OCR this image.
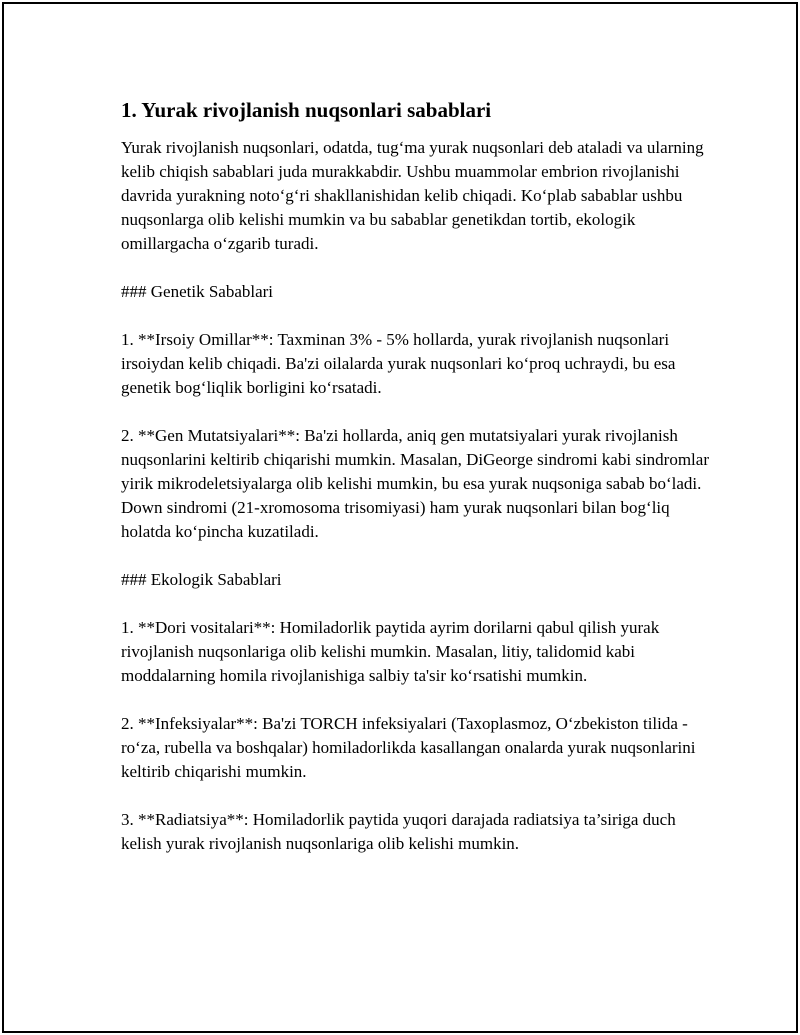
1. Yurak rivojlanish nuqsonlari sabablari

Yurak rivojlanish nuqsonlari, odatda, tug‘ma yurak nuqsonlari deb ataladi va ularning kelib chiqish sabablari juda murakkabdir. Ushbu muammolar embrion rivojlanishi davrida yurakning noto‘g‘ri shakllanishidan kelib chiqadi. Ko‘plab sabablar ushbu nuqsonlarga olib kelishi mumkin va bu sabablar genetikdan tortib, ekologik omillargacha o‘zgarib turadi.

### Genetik Sabablari

1. **Irsoiy Omillar**: Taxminan 3% - 5% hollarda, yurak rivojlanish nuqsonlari irsoiydan kelib chiqadi. Ba'zi oilalarda yurak nuqsonlari ko‘proq uchraydi, bu esa genetik bog‘liqlik borligini ko‘rsatadi.

2. **Gen Mutatsiyalari**: Ba'zi hollarda, aniq gen mutatsiyalari yurak rivojlanish nuqsonlarini keltirib chiqarishi mumkin. Masalan, DiGeorge sindromi kabi sindromlar yirik mikrodeletsiyalarga olib kelishi mumkin, bu esa yurak nuqsoniga sabab bo‘ladi. Down sindromi (21-xromosoma trisomiyasi) ham yurak nuqsonlari bilan bog‘liq holatda ko‘pincha kuzatiladi.

### Ekologik Sabablari

1. **Dori vositalari**: Homiladorlik paytida ayrim dorilarni qabul qilish yurak rivojlanish nuqsonlariga olib kelishi mumkin. Masalan, litiy, talidomid kabi moddalarning homila rivojlanishiga salbiy ta'sir ko‘rsatishi mumkin.

2. **Infeksiyalar**: Ba'zi TORCH infeksiyalari (Taxoplasmoz, O‘zbekiston tilida - ro‘za, rubella va boshqalar) homiladorlikda kasallangan onalarda yurak nuqsonlarini keltirib chiqarishi mumkin.

3. **Radiatsiya**: Homiladorlik paytida yuqori darajada radiatsiya ta’siriga duch kelish yurak rivojlanish nuqsonlariga olib kelishi mumkin.
